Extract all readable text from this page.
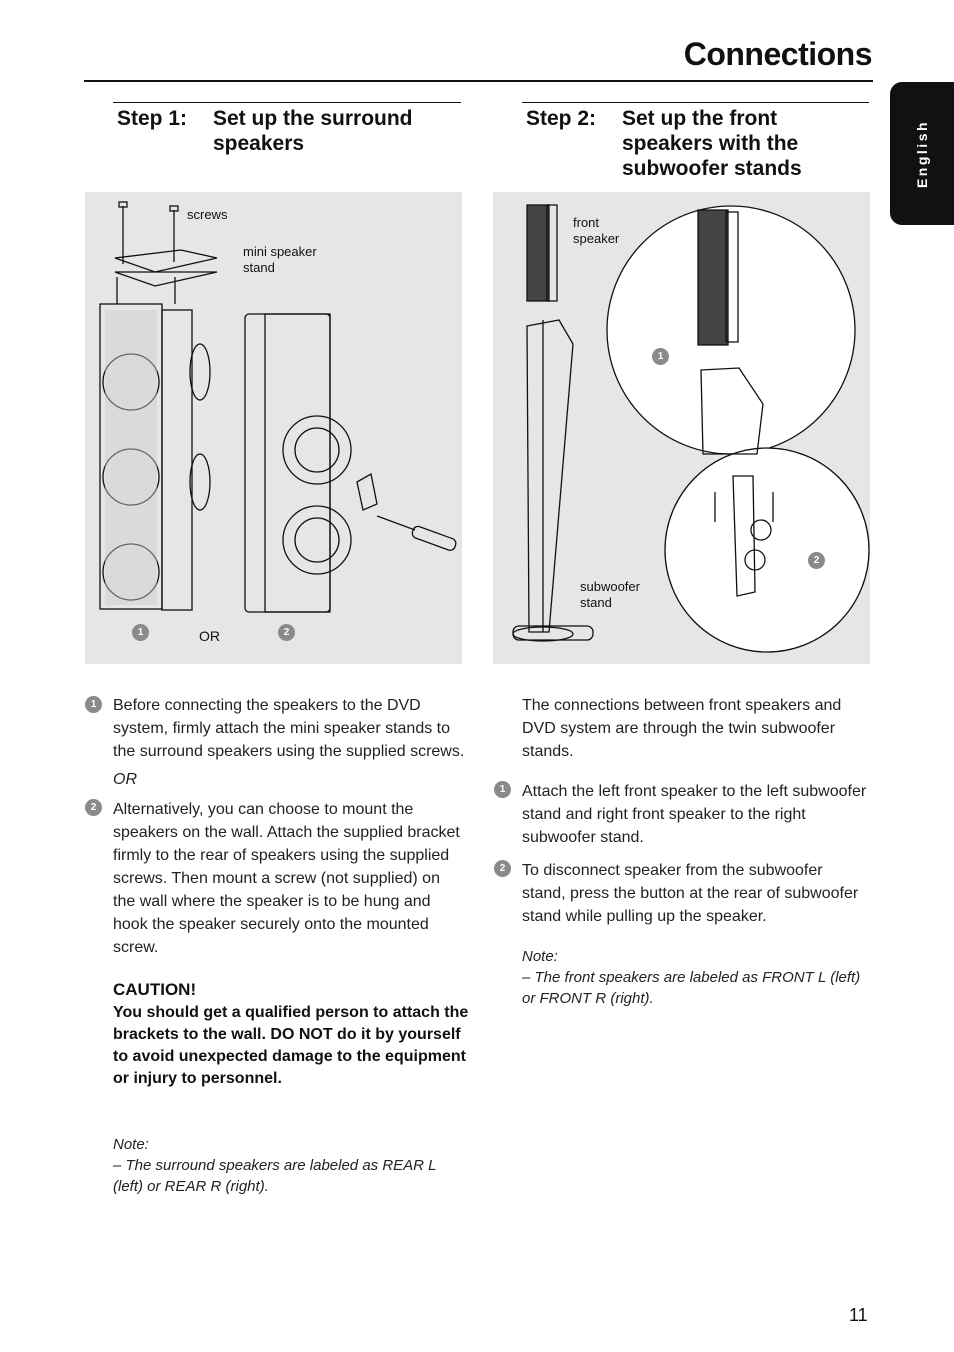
Connections
English
Step 1: Set up the surround speakers
Step 2: Set up the front speakers with the subwoofer stands
screws
mini speaker stand
1	OR	2
front speaker
subwoofer stand
1
2
1	Before connecting the speakers to the DVD system, firmly attach the mini speaker stands to the surround speakers using the supplied screws.
OR
2	Alternatively, you can choose to mount the speakers on the wall. Attach the supplied bracket firmly to the rear of speakers using the supplied screws. Then mount a screw (not supplied) on the wall where the speaker is to be hung and hook the speaker securely onto the mounted screw.
CAUTION!
You should get a qualified person to attach the brackets to the wall. DO NOT do it by yourself to avoid unexpected damage to the equipment or injury to personnel.
Note:
– The surround speakers are labeled as REAR L (left) or REAR R (right).
The connections between front speakers and DVD system are through the twin subwoofer stands.
1	Attach the left front speaker to the left subwoofer stand and right front speaker to the right subwoofer stand.
2	To disconnect speaker from the subwoofer stand, press the button at the rear of subwoofer stand while pulling up the speaker.
Note:
– The front speakers are labeled as FRONT L (left) or FRONT R (right).
11
